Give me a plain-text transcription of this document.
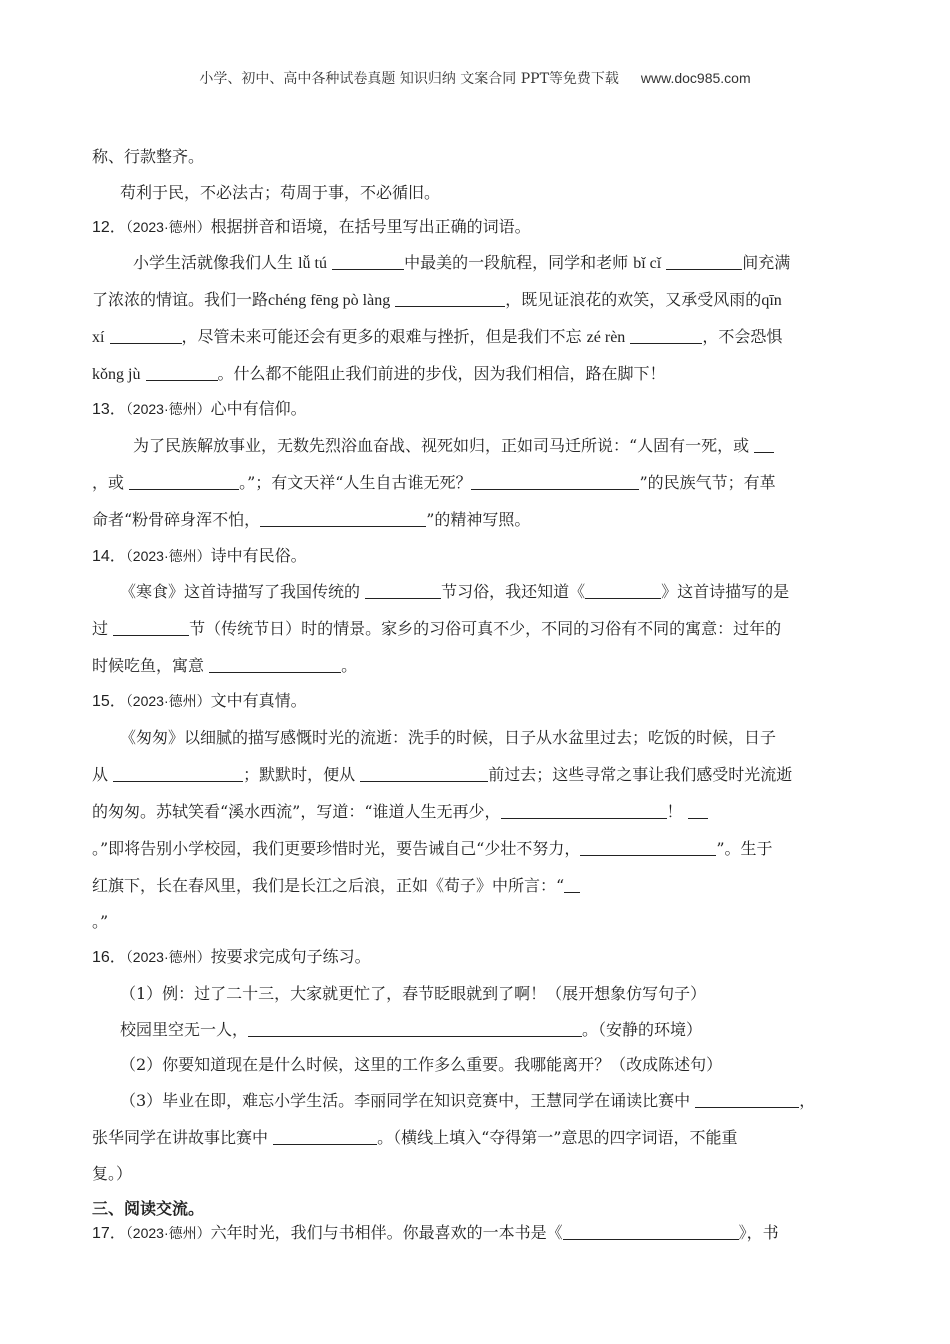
小学、初中、高中各种试卷真题 知识归纳 文案合同 PPT等免费下载 www.doc985.com
称、行款整齐。
苟利于民，不必法古；苟周于事，不必循旧。
12．（2023·德州）根据拼音和语境，在括号里写出正确的词语。
小学生活就像我们人生 lǚ tú	中最美的一段航程，同学和老师 bǐ cǐ	间充满
了浓浓的情谊。我们一路chéng fēng pò làng	，既见证浪花的欢笑，又承受风雨的qīn
xí	，尽管未来可能还会有更多的艰难与挫折，但是我们不忘 zé rèn	，不会恐惧
kǒng jù	。什么都不能阻止我们前进的步伐，因为我们相信，路在脚下！
13．（2023·德州）心中有信仰。
为了民族解放事业，无数先烈浴血奋战、视死如归，正如司马迁所说：“人固有一死，或
，或	。”；有文天祥“人生自古谁无死？	”的民族气节；有革
命者“粉骨碎身浑不怕，	”的精神写照。
14．（2023·德州）诗中有民俗。
《寒食》这首诗描写了我国传统的	节习俗，我还知道《	》这首诗描写的是
过	节（传统节日）时的情景。家乡的习俗可真不少，不同的习俗有不同的寓意：过年的
时候吃鱼，寓意	。
15．（2023·德州）文中有真情。
《匆匆》以细腻的描写感慨时光的流逝：洗手的时候，日子从水盆里过去；吃饭的时候，日子
从	；默默时，便从	前过去；这些寻常之事让我们感受时光流逝
的匆匆。苏轼笑看“溪水西流”，写道：“谁道人生无再少，	！
。”即将告别小学校园，我们更要珍惜时光，要告诫自己“少壮不努力，	”。生于
红旗下，长在春风里，我们是长江之后浪，正如《荀子》中所言：“
。”
16．（2023·德州）按要求完成句子练习。
（1）例：过了二十三，大家就更忙了，春节眨眼就到了啊！（展开想象仿写句子）
校园里空无一人，	。（安静的环境）
（2）你要知道现在是什么时候，这里的工作多么重要。我哪能离开？（改成陈述句）
（3）毕业在即，难忘小学生活。李丽同学在知识竞赛中，王慧同学在诵读比赛中	，
张华同学在讲故事比赛中	。（横线上填入“夺得第一”意思的四字词语，不能重
复。）
三、阅读交流。
17．（2023·德州）六年时光，我们与书相伴。你最喜欢的一本书是《	》，书
